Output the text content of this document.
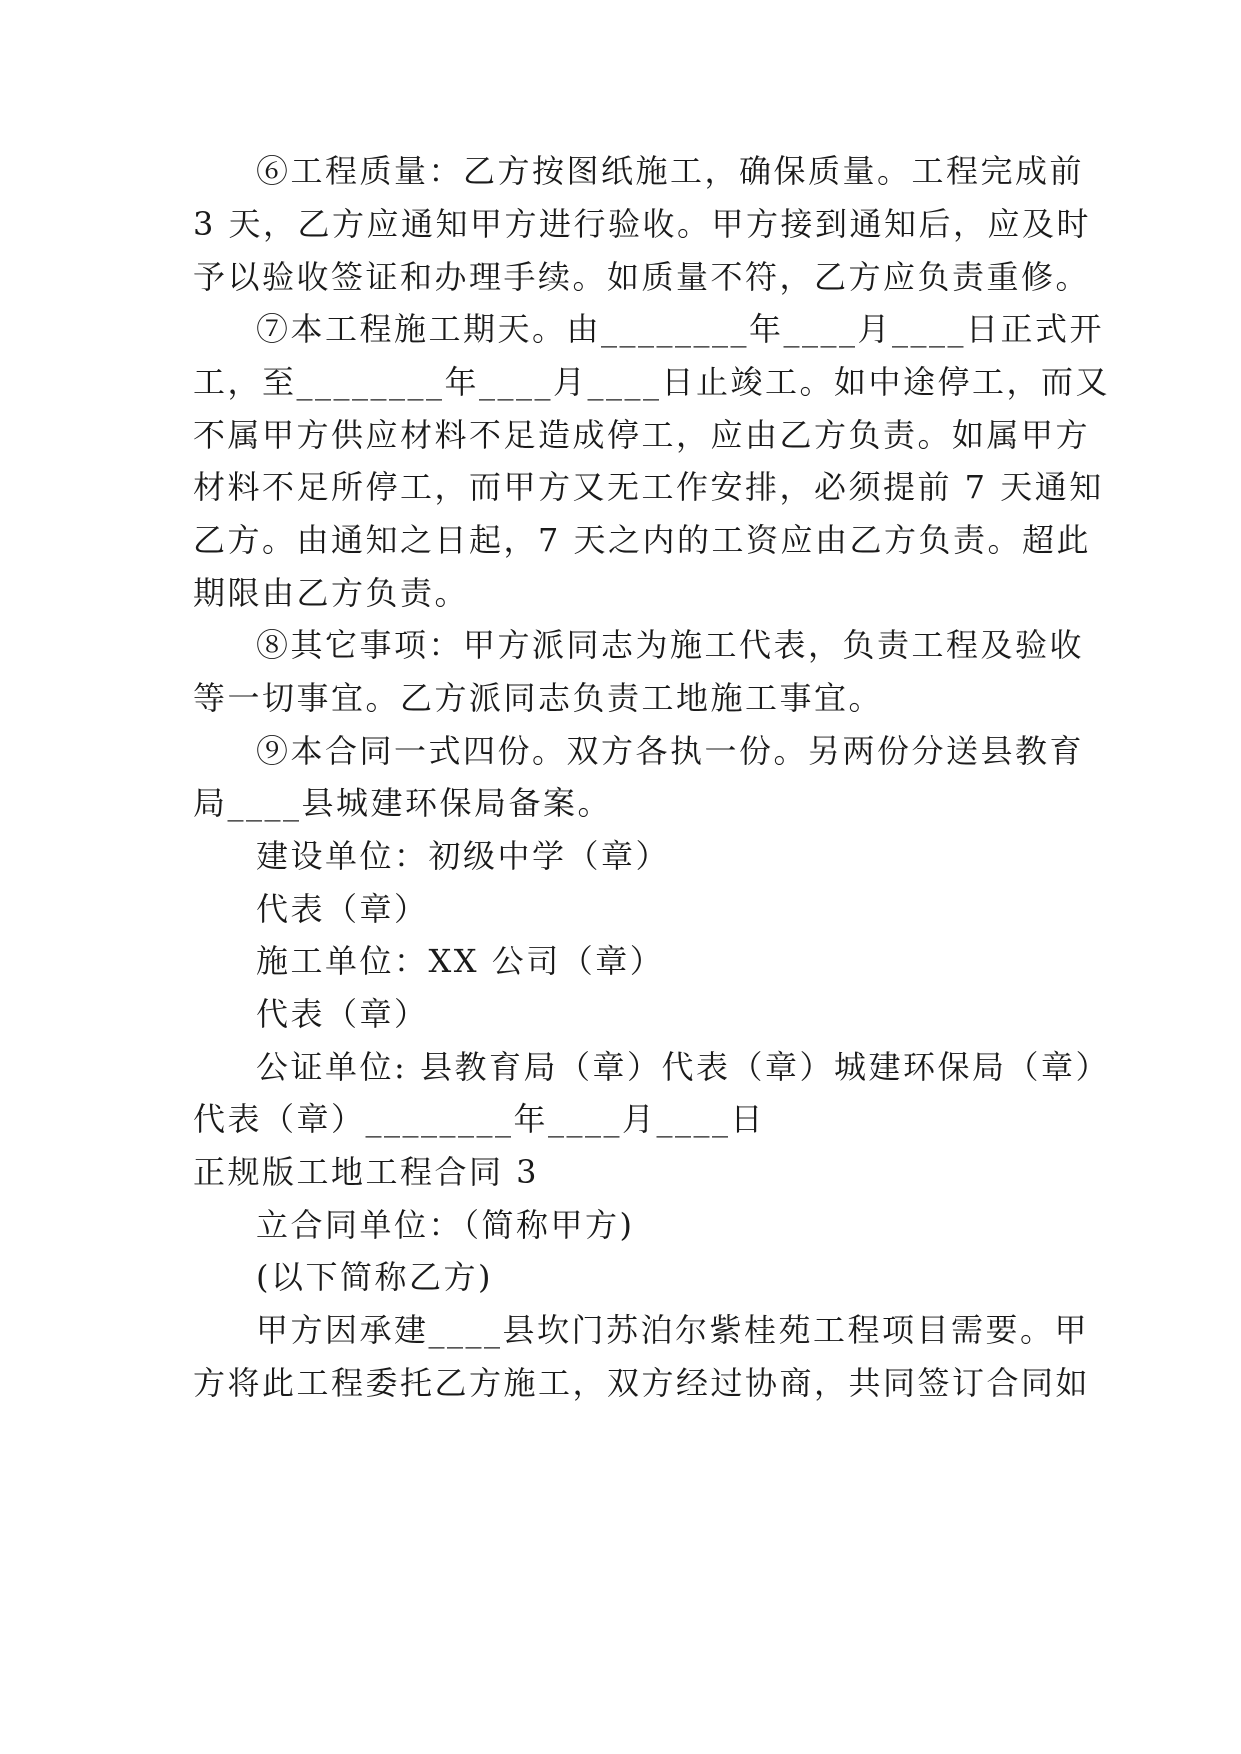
⑥工程质量：乙方按图纸施工，确保质量。工程完成前
3 天，乙方应通知甲方进行验收。甲方接到通知后，应及时
予以验收签证和办理手续。如质量不符，乙方应负责重修。
⑦本工程施工期天。由________年____月____日正式开
工，至________年____月____日止竣工。如中途停工，而又
不属甲方供应材料不足造成停工，应由乙方负责。如属甲方
材料不足所停工，而甲方又无工作安排，必须提前 7 天通知
乙方。由通知之日起，7 天之内的工资应由乙方负责。超此
期限由乙方负责。
⑧其它事项：甲方派同志为施工代表，负责工程及验收
等一切事宜。乙方派同志负责工地施工事宜。
⑨本合同一式四份。双方各执一份。另两份分送县教育
局____县城建环保局备案。
建设单位：初级中学（章）
代表（章）
施工单位：XX 公司（章）
代表（章）
公证单位: 县教育局（章）代表（章）城建环保局（章）
代表（章）________年____月____日
正规版工地工程合同 3
立合同单位：（简称甲方)
(以下简称乙方)
甲方因承建____县坎门苏泊尔紫桂苑工程项目需要。甲
方将此工程委托乙方施工，双方经过协商，共同签订合同如
